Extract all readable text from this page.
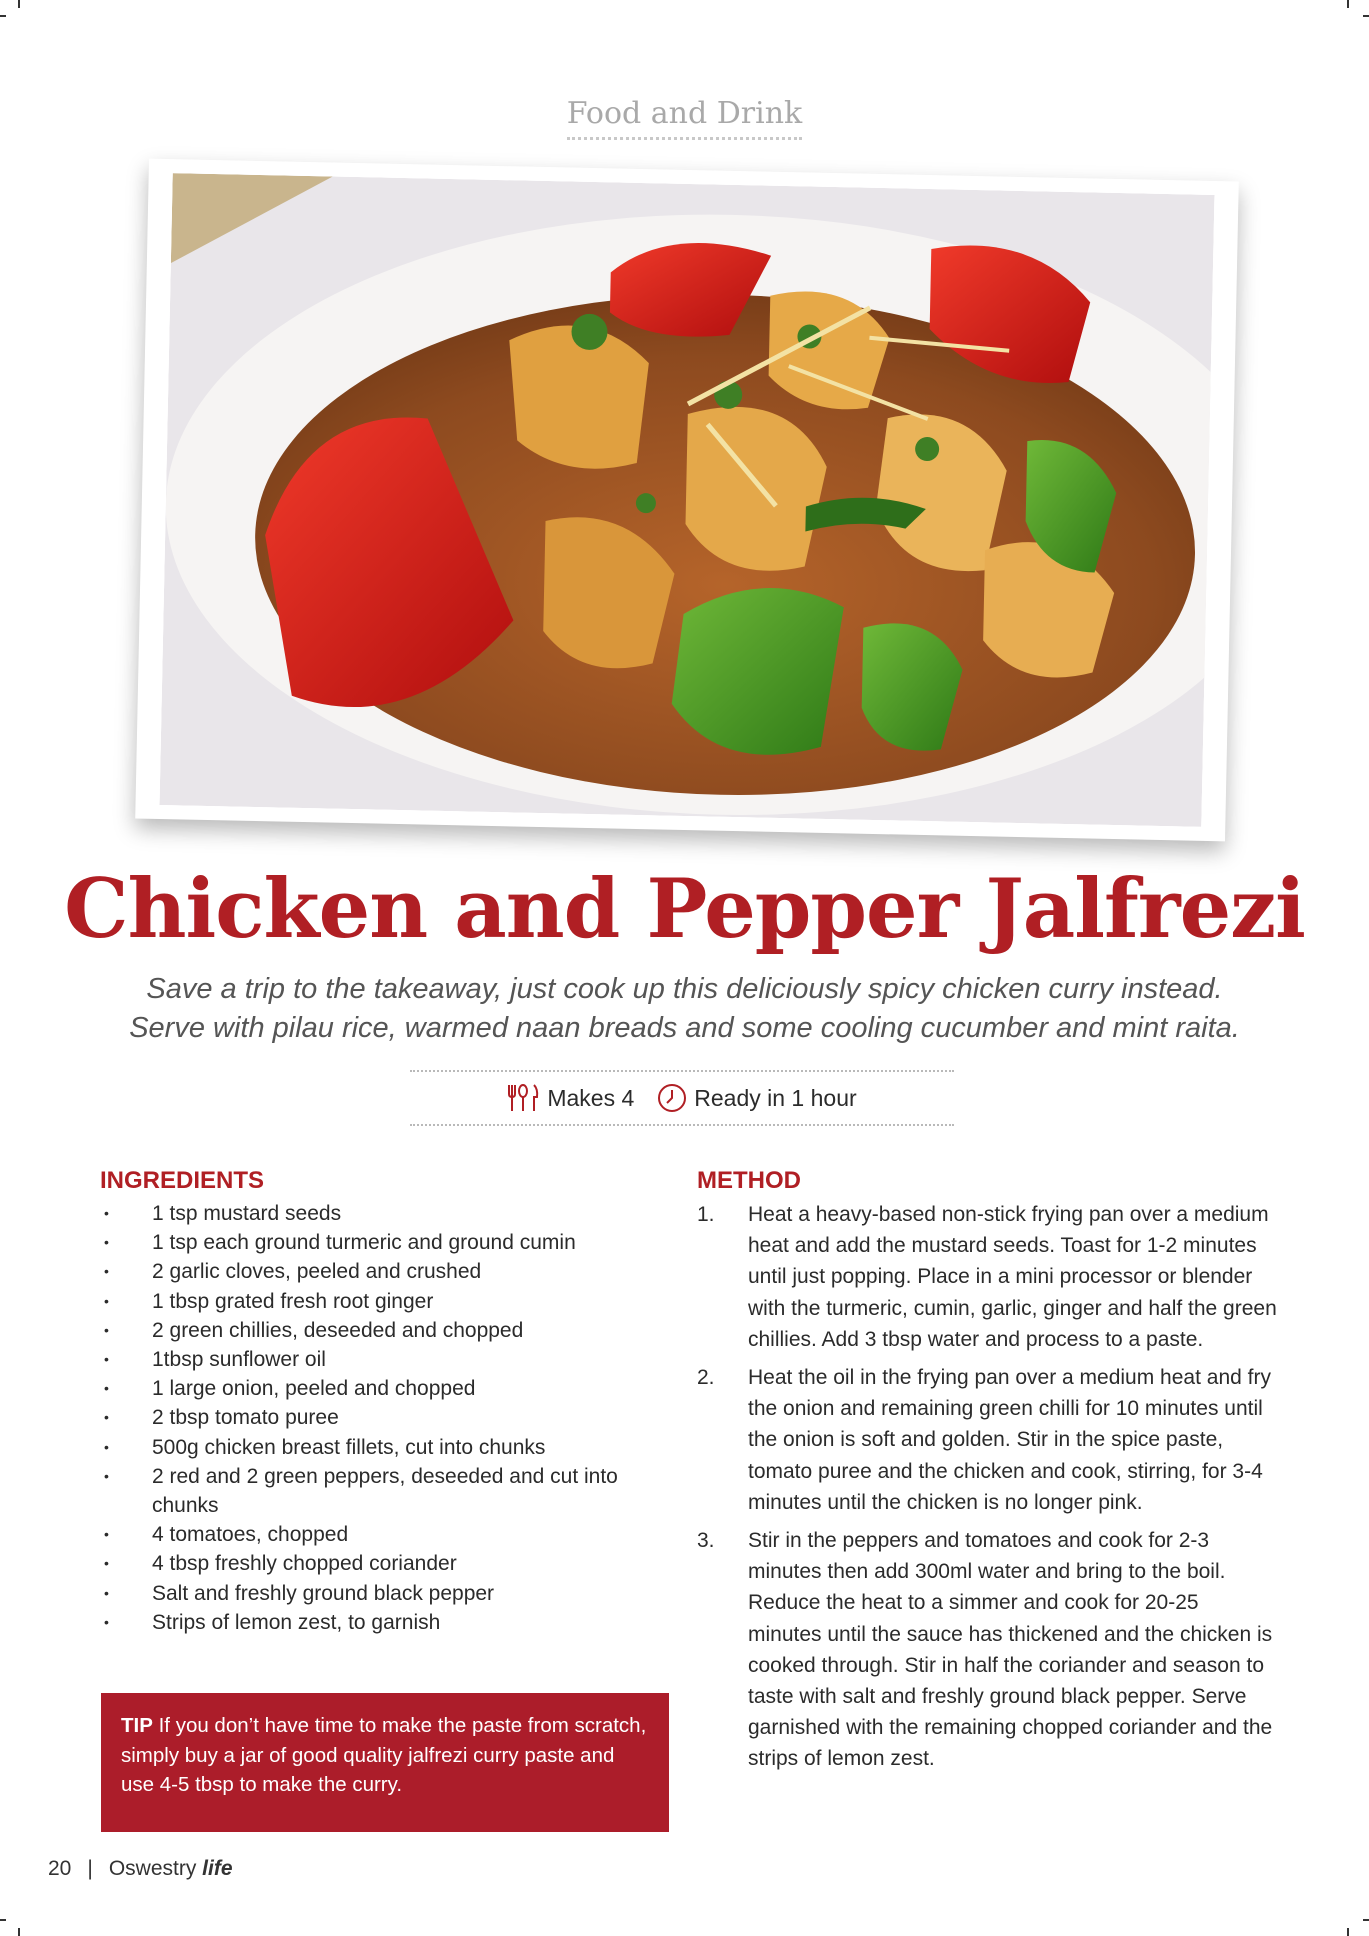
Food and Drink
Chicken and Pepper Jalfrezi
Save a trip to the takeaway, just cook up this deliciously spicy chicken curry instead.
Serve with pilau rice, warmed naan breads and some cooling cucumber and mint raita.
Makes 4	Ready in 1 hour
INGREDIENTS
• 1 tsp mustard seeds
• 1 tsp each ground turmeric and ground cumin
• 2 garlic cloves, peeled and crushed
• 1 tbsp grated fresh root ginger
• 2 green chillies, deseeded and chopped
• 1tbsp sunflower oil
• 1 large onion, peeled and chopped
• 2 tbsp tomato puree
• 500g chicken breast fillets, cut into chunks
• 2 red and 2 green peppers, deseeded and cut into chunks
• 4 tomatoes, chopped
• 4 tbsp freshly chopped coriander
• Salt and freshly ground black pepper
• Strips of lemon zest, to garnish
TIP If you don’t have time to make the paste from scratch, simply buy a jar of good quality jalfrezi curry paste and use 4-5 tbsp to make the curry.
METHOD
1. Heat a heavy-based non-stick frying pan over a medium heat and add the mustard seeds. Toast for 1-2 minutes until just popping. Place in a mini processor or blender with the turmeric, cumin, garlic, ginger and half the green chillies. Add 3 tbsp water and process to a paste.
2. Heat the oil in the frying pan over a medium heat and fry the onion and remaining green chilli for 10 minutes until the onion is soft and golden. Stir in the spice paste, tomato puree and the chicken and cook, stirring, for 3-4 minutes until the chicken is no longer pink.
3. Stir in the peppers and tomatoes and cook for 2-3 minutes then add 300ml water and bring to the boil. Reduce the heat to a simmer and cook for 20-25 minutes until the sauce has thickened and the chicken is cooked through. Stir in half the coriander and season to taste with salt and freshly ground black pepper. Serve garnished with the remaining chopped coriander and the strips of lemon zest.
20 | Oswestry life
